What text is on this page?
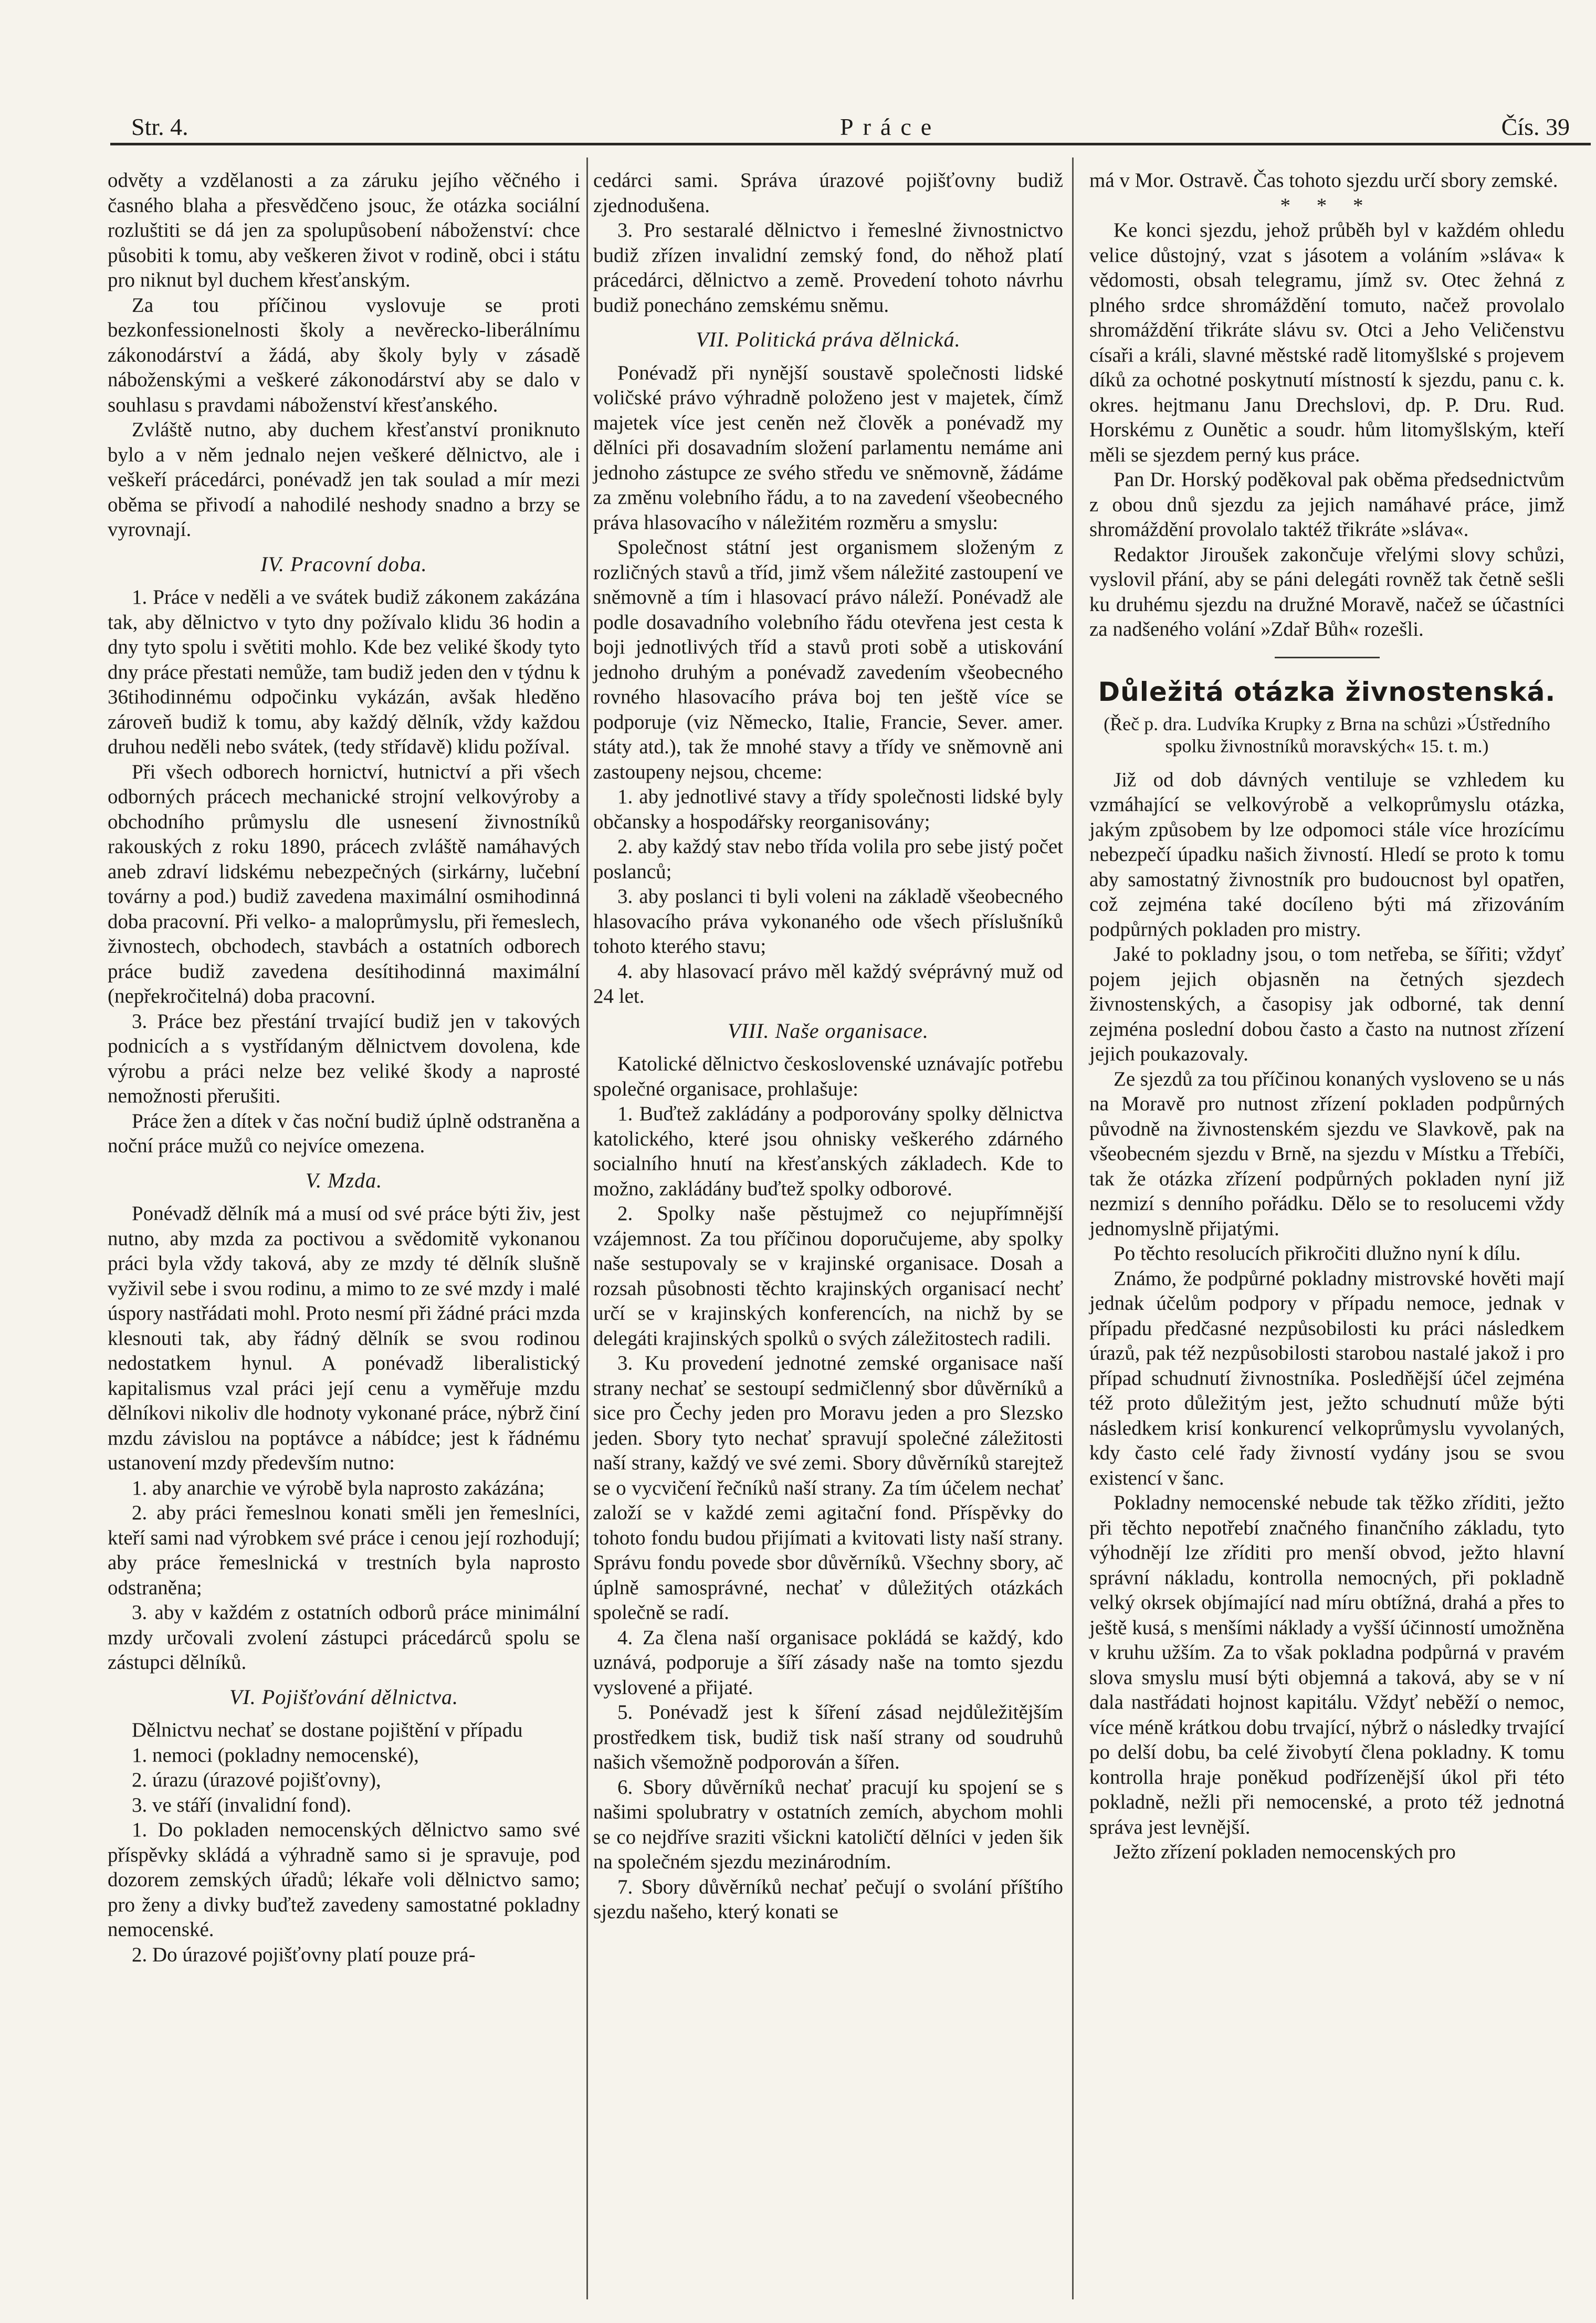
Str. 4.	Práce	Čís. 39

odvěty a vzdělanosti a za záruku jejího věčného i časného blaha a přesvědčeno jsouc, že otázka sociální rozluštiti se dá jen za spolupůsobení náboženství: chce působiti k tomu, aby veškeren život v rodině, obci i státu pro niknut byl duchem křesťanským.

Za tou příčinou vyslovuje se proti bezkonfessionelnosti školy a nevěrecko-liberálnímu zákonodárství a žádá, aby školy byly v zásadě náboženskými a veškeré zákonodárství aby se dalo v souhlasu s pravdami náboženství křesťanského.

Zvláště nutno, aby duchem křesťanství proniknuto bylo a v něm jednalo nejen veškeré dělnictvo, ale i veškeří prácedárci, ponévadž jen tak soulad a mír mezi oběma se přivodí a nahodilé neshody snadno a brzy se vyrovnají.

IV. Pracovní doba.

1. Práce v neděli a ve svátek budiž zákonem zakázána tak, aby dělnictvo v tyto dny požívalo klidu 36 hodin a dny tyto spolu i světiti mohlo. Kde bez veliké škody tyto dny práce přestati nemůže, tam budiž jeden den v týdnu k 36tihodinnému odpočinku vykázán, avšak hleděno zároveň budiž k tomu, aby každý dělník, vždy každou druhou neděli nebo svátek, (tedy střídavě) klidu požíval.

Při všech odborech hornictví, hutnictví a při všech odborných prácech mechanické strojní velkovýroby a obchodního průmyslu dle usnesení živnostníků rakouských z roku 1890, prácech zvláště namáhavých aneb zdraví lidskému nebezpečných (sirkárny, lučební továrny a pod.) budiž zavedena maximální osmihodinná doba pracovní. Při velko- a maloprůmyslu, při řemeslech, živnostech, obchodech, stavbách a ostatních odborech práce budiž zavedena desítihodinná maximální (nepřekročitelná) doba pracovní.

3. Práce bez přestání trvající budiž jen v takových podnicích a s vystřídaným dělnictvem dovolena, kde výrobu a práci nelze bez veliké škody a naprosté nemožnosti přerušiti.

Práce žen a dítek v čas noční budiž úplně odstraněna a noční práce mužů co nejvíce omezena.

V. Mzda.

Ponévadž dělník má a musí od své práce býti živ, jest nutno, aby mzda za poctivou a svědomitě vykonanou práci byla vždy taková, aby ze mzdy té dělník slušně vyživil sebe i svou rodinu, a mimo to ze své mzdy i malé úspory nastřádati mohl. Proto nesmí při žádné práci mzda klesnouti tak, aby řádný dělník se svou rodinou nedostatkem hynul. A ponévadž liberalistický kapitalismus vzal práci její cenu a vyměřuje mzdu dělníkovi nikoliv dle hodnoty vykonané práce, nýbrž činí mzdu závislou na poptávce a nábídce; jest k řádnému ustanovení mzdy především nutno:

1. aby anarchie ve výrobě byla naprosto zakázána;

2. aby práci řemeslnou konati směli jen řemeslníci, kteří sami nad výrobkem své práce i cenou její rozhodují; aby práce řemeslnická v trestních byla naprosto odstraněna;

3. aby v každém z ostatních odborů práce minimální mzdy určovali zvolení zástupci prácedárců spolu se zástupci dělníků.

VI. Pojišťování dělnictva.

Dělnictvu nechať se dostane pojištění v případu

1. nemoci (pokladny nemocenské),

2. úrazu (úrazové pojišťovny),

3. ve stáří (invalidní fond).

1. Do pokladen nemocenských dělnictvo samo své příspěvky skládá a výhradně samo si je spravuje, pod dozorem zemských úřadů; lékaře voli dělnictvo samo; pro ženy a divky buďtež zavedeny samostatné pokladny nemocenské.

2. Do úrazové pojišťovny platí pouze prá-

cedárci sami. Správa úrazové pojišťovny budiž zjednodušena.

3. Pro sestaralé dělnictvo i řemeslné živnostnictvo budiž zřízen invalidní zemský fond, do něhož platí prácedárci, dělnictvo a země. Provedení tohoto návrhu budiž ponecháno zemskému sněmu.

VII. Politická práva dělnická.

Ponévadž při nynější soustavě společnosti lidské voličské právo výhradně položeno jest v majetek, čímž majetek více jest ceněn než člověk a ponévadž my dělníci při dosavadním složení parlamentu nemáme ani jednoho zástupce ze svého středu ve sněmovně, žádáme za změnu volebního řádu, a to na zavedení všeobecného práva hlasovacího v náležitém rozměru a smyslu:

Společnost státní jest organismem složeným z rozličných stavů a tříd, jimž všem náležité zastoupení ve sněmovně a tím i hlasovací právo náleží. Ponévadž ale podle dosavadního volebního řádu otevřena jest cesta k boji jednotlivých tříd a stavů proti sobě a utiskování jednoho druhým a ponévadž zavedením všeobecného rovného hlasovacího práva boj ten ještě více se podporuje (viz Německo, Italie, Francie, Sever. amer. státy atd.), tak že mnohé stavy a třídy ve sněmovně ani zastoupeny nejsou, chceme:

1. aby jednotlivé stavy a třídy společnosti lidské byly občansky a hospodářsky reorganisovány;

2. aby každý stav nebo třída volila pro sebe jistý počet poslanců;

3. aby poslanci ti byli voleni na základě všeobecného hlasovacího práva vykonaného ode všech příslušníků tohoto kterého stavu;

4. aby hlasovací právo měl každý svéprávný muž od 24 let.

VIII. Naše organisace.

Katolické dělnictvo československé uznávajíc potřebu společné organisace, prohlašuje:

1. Buďtež zakládány a podporovány spolky dělnictva katolického, které jsou ohnisky veškerého zdárného socialního hnutí na křesťanských základech. Kde to možno, zakládány buďtež spolky odborové.

2. Spolky naše pěstujmež co nejupřímnější vzájemnost. Za tou příčinou doporučujeme, aby spolky naše sestupovaly se v krajinské organisace. Dosah a rozsah působnosti těchto krajinských organisací nechť určí se v krajinských konferencích, na nichž by se delegáti krajinských spolků o svých záležitostech radili.

3. Ku provedení jednotné zemské organisace naší strany nechať se sestoupí sedmičlenný sbor důvěrníků a sice pro Čechy jeden pro Moravu jeden a pro Slezsko jeden. Sbory tyto nechať spravují společné záležitosti naší strany, každý ve své zemi. Sbory důvěrníků starejtež se o vycvičení řečníků naší strany. Za tím účelem nechať založí se v každé zemi agitační fond. Příspěvky do tohoto fondu budou přijímati a kvitovati listy naší strany. Správu fondu povede sbor důvěrníků. Všechny sbory, ač úplně samosprávné, nechať v důležitých otázkách společně se radí.

4. Za člena naší organisace pokládá se každý, kdo uznává, podporuje a šíří zásady naše na tomto sjezdu vyslovené a přijaté.

5. Ponévadž jest k šíření zásad nejdůležitějším prostředkem tisk, budiž tisk naší strany od soudruhů našich všemožně podporován a šířen.

6. Sbory důvěrníků nechať pracují ku spojení se s našimi spolubratry v ostatních zemích, abychom mohli se co nejdříve sraziti všickni katoličtí dělníci v jeden šik na společném sjezdu mezinárodním.

7. Sbory důvěrníků nechať pečují o svolání příštího sjezdu našeho, který konati se

má v Mor. Ostravě. Čas tohoto sjezdu určí sbory zemské.

* * *

Ke konci sjezdu, jehož průběh byl v každém ohledu velice důstojný, vzat s jásotem a voláním »sláva« k vědomosti, obsah telegramu, jímž sv. Otec žehná z plného srdce shromáždění tomuto, načež provolalo shromáždění třikráte slávu sv. Otci a Jeho Veličenstvu císaři a králi, slavné městské radě litomyšlské s projevem díků za ochotné poskytnutí místností k sjezdu, panu c. k. okres. hejtmanu Janu Drechslovi, dp. P. Dru. Rud. Horskému z Ounětic a soudr. hům litomyšlským, kteří měli se sjezdem perný kus práce.

Pan Dr. Horský poděkoval pak oběma předsednictvům z obou dnů sjezdu za jejich namáhavé práce, jimž shromáždění provolalo taktéž třikráte »sláva«.

Redaktor Jiroušek zakončuje vřelými slovy schůzi, vyslovil přání, aby se páni delegáti rovněž tak četně sešli ku druhému sjezdu na družné Moravě, načež se účastníci za nadšeného volání »Zdař Bůh« rozešli.

Důležitá otázka živnostenská.
(Řeč p. dra. Ludvíka Krupky z Brna na schůzi »Ústředního spolku živnostníků moravských« 15. t. m.)

Již od dob dávných ventiluje se vzhledem ku vzmáhající se velkovýrobě a velkoprůmyslu otázka, jakým způsobem by lze odpomoci stále více hrozícímu nebezpečí úpadku našich živností. Hledí se proto k tomu aby samostatný živnostník pro budoucnost byl opatřen, což zejména také docíleno býti má zřizováním podpůrných pokladen pro mistry.

Jaké to pokladny jsou, o tom netřeba, se šířiti; vždyť pojem jejich objasněn na četných sjezdech živnostenských, a časopisy jak odborné, tak denní zejména poslední dobou často a často na nutnost zřízení jejich poukazovaly.

Ze sjezdů za tou příčinou konaných vysloveno se u nás na Moravě pro nutnost zřízení pokladen podpůrných původně na živnostenském sjezdu ve Slavkově, pak na všeobecném sjezdu v Brně, na sjezdu v Místku a Třebíči, tak že otázka zřízení podpůrných pokladen nyní již nezmizí s denního pořádku. Dělo se to resolucemi vždy jednomyslně přijatými.

Po těchto resolucích přikročiti dlužno nyní k dílu.

Známo, že podpůrné pokladny mistrovské hověti mají jednak účelům podpory v případu nemoce, jednak v případu předčasné nezpůsobilosti ku práci následkem úrazů, pak též nezpůsobilosti starobou nastalé jakož i pro případ schudnutí živnostníka. Posledňější účel zejména též proto důležitým jest, ježto schudnutí může býti následkem krisí konkurencí velkoprůmyslu vyvolaných, kdy často celé řady živností vydány jsou se svou existencí v šanc.

Pokladny nemocenské nebude tak těžko zříditi, ježto při těchto nepotřebí značného finančního základu, tyto výhodnějí lze zříditi pro menší obvod, ježto hlavní správní nákladu, kontrolla nemocných, při pokladně velký okrsek objímající nad míru obtížná, drahá a přes to ještě kusá, s menšími náklady a vyšší účinností umožněna v kruhu užším. Za to však pokladna podpůrná v pravém slova smyslu musí býti objemná a taková, aby se v ní dala nastřádati hojnost kapitálu. Vždyť neběží o nemoc, více méně krátkou dobu trvající, nýbrž o následky trvající po delší dobu, ba celé živobytí člena pokladny. K tomu kontrolla hraje poněkud podřízenější úkol při této pokladně, nežli při nemocenské, a proto též jednotná správa jest levnější.

Ježto zřízení pokladen nemocenských pro
